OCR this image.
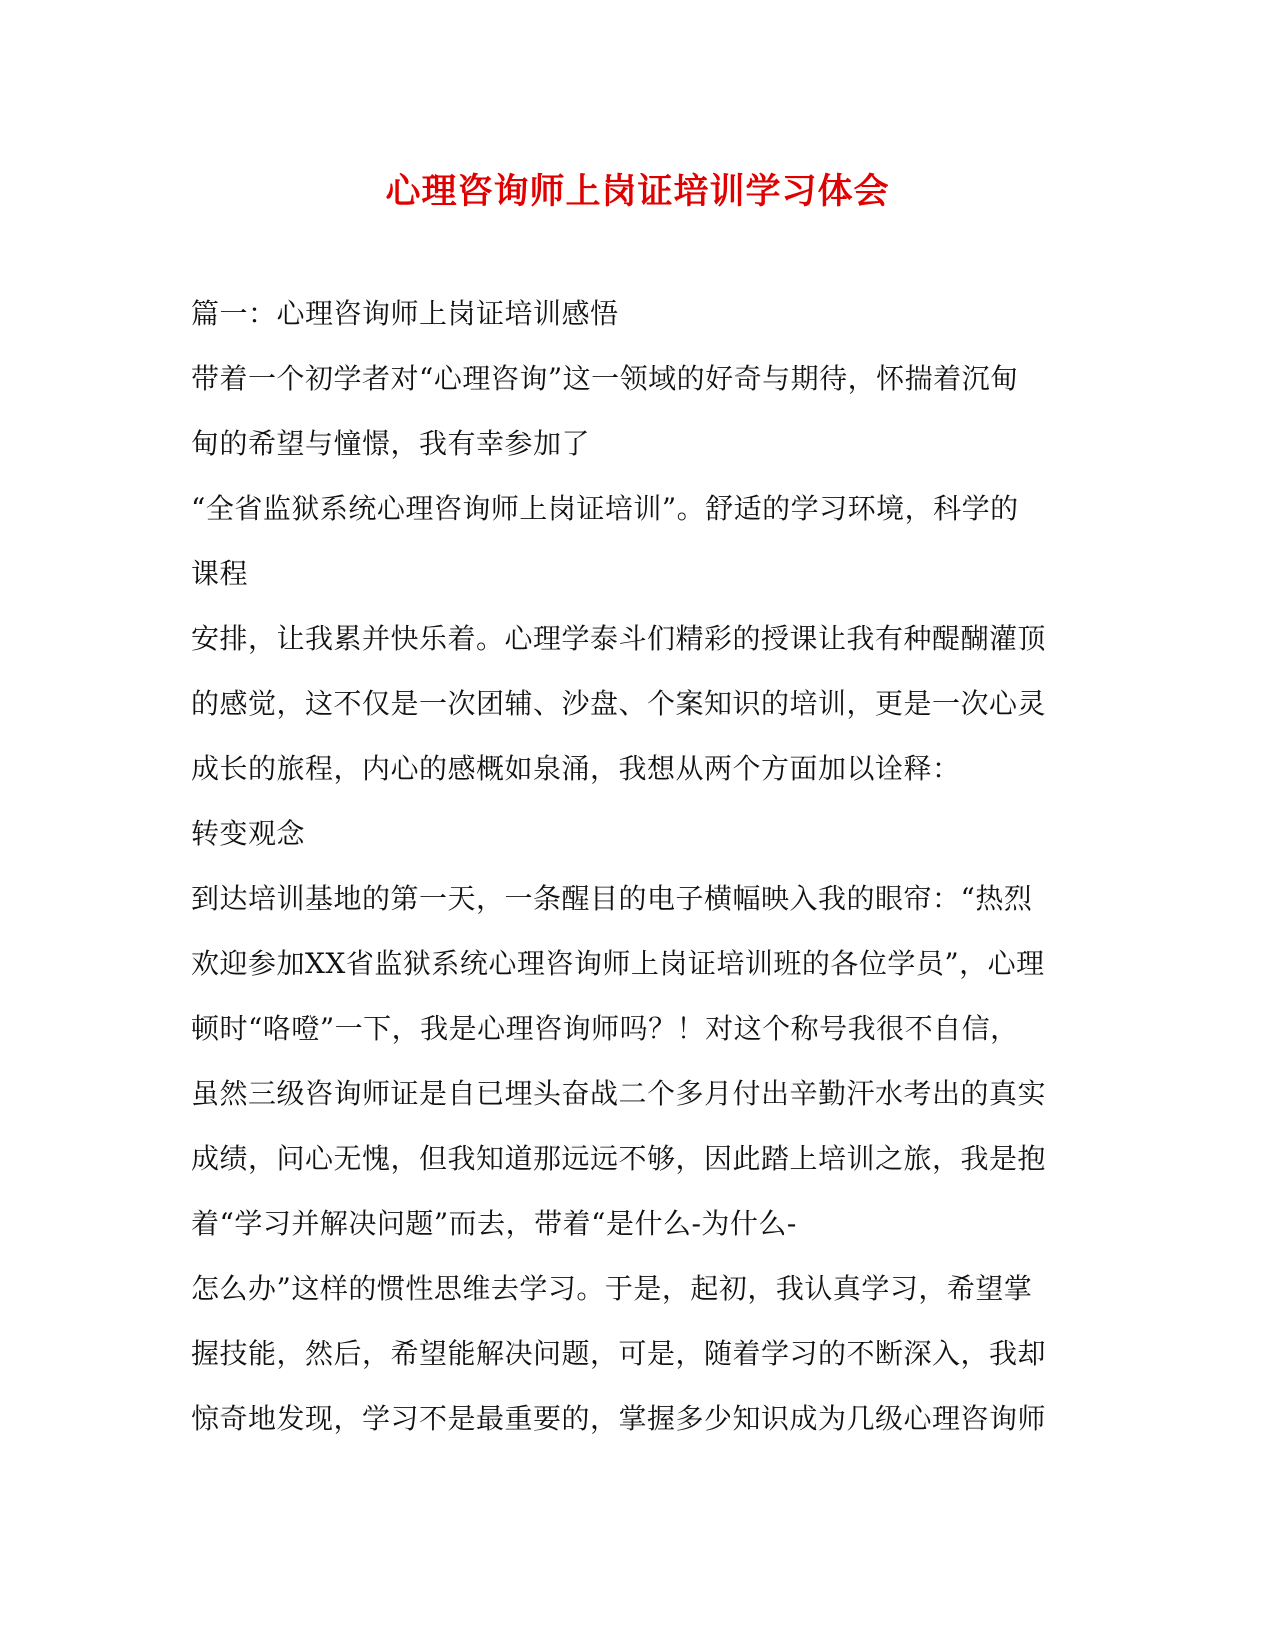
心理咨询师上岗证培训学习体会
篇一：心理咨询师上岗证培训感悟
带着一个初学者对“心理咨询”这一领域的好奇与期待，怀揣着沉甸
甸的希望与憧憬，我有幸参加了
“全省监狱系统心理咨询师上岗证培训”。舒适的学习环境，科学的
课程
安排，让我累并快乐着。心理学泰斗们精彩的授课让我有种醍醐灌顶
的感觉，这不仅是一次团辅、沙盘、个案知识的培训，更是一次心灵
成长的旅程，内心的感概如泉涌，我想从两个方面加以诠释：
转变观念
到达培训基地的第一天，一条醒目的电子横幅映入我的眼帘：“热烈
欢迎参加XX省监狱系统心理咨询师上岗证培训班的各位学员”，心理
顿时“咯噔”一下，我是心理咨询师吗？！对这个称号我很不自信，
虽然三级咨询师证是自已埋头奋战二个多月付出辛勤汗水考出的真实
成绩，问心无愧，但我知道那远远不够，因此踏上培训之旅，我是抱
着“学习并解决问题”而去，带着“是什么-为什么-
怎么办”这样的惯性思维去学习。于是，起初，我认真学习，希望掌
握技能，然后，希望能解决问题，可是，随着学习的不断深入，我却
惊奇地发现，学习不是最重要的，掌握多少知识成为几级心理咨询师
